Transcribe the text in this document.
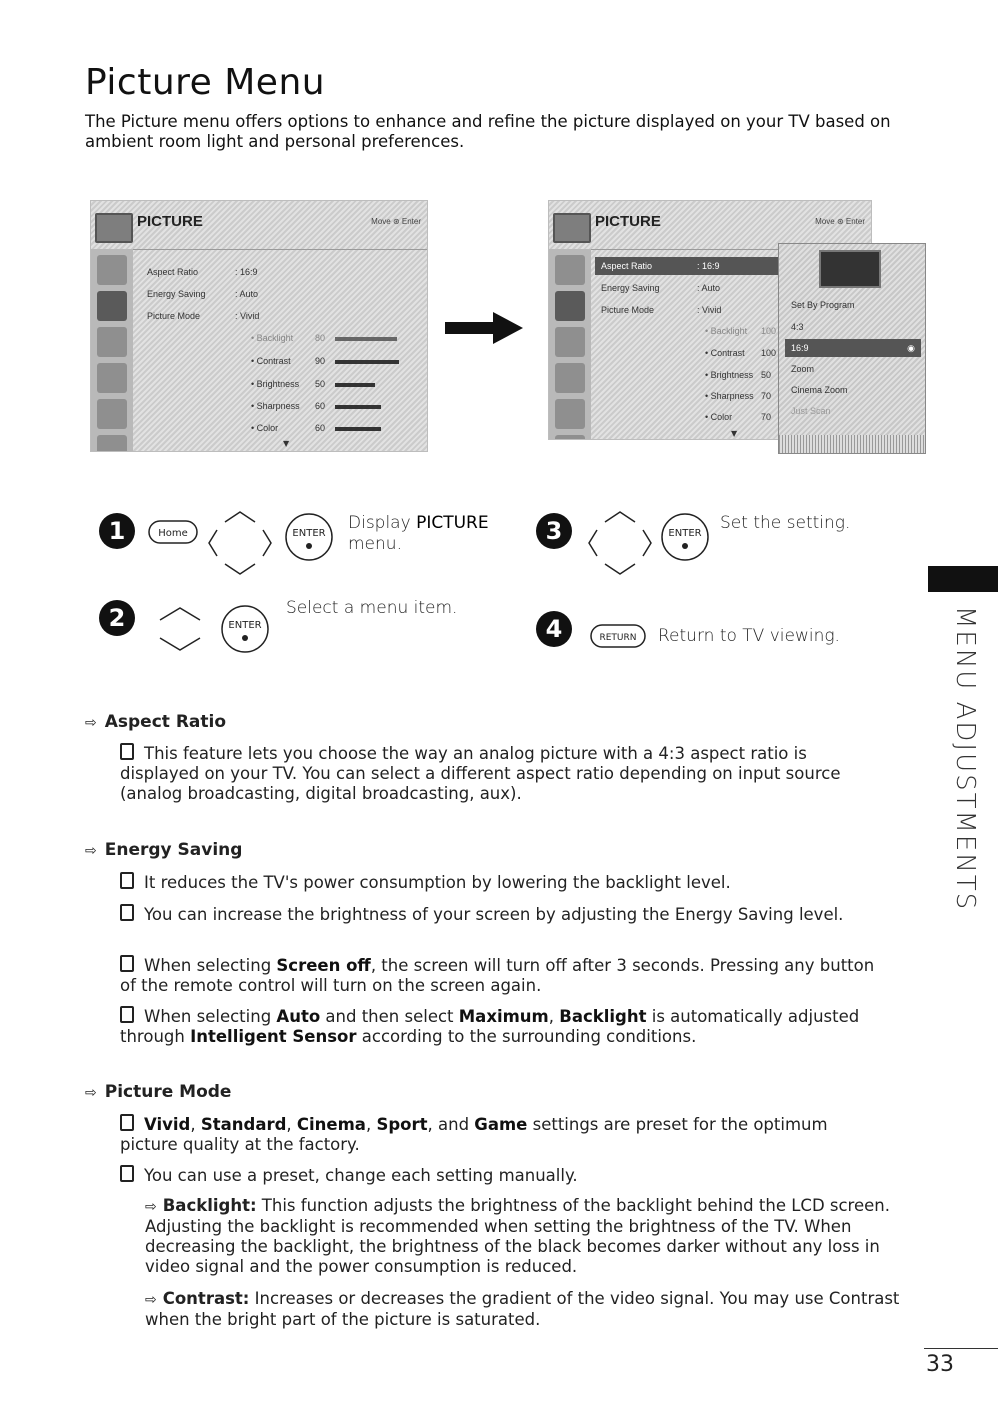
Picture Menu
The Picture menu offers options to enhance and refine the picture displayed on your TV based on ambient room light and personal preferences.
PICTURE	Move ⊛ Enter
Aspect Ratio	: 16:9
Energy Saving	: Auto
Picture Mode	: Vivid
• Backlight 80
• Contrast	90
• Brightness 50
• Sharpness 60
• Color	60
▼
PICTURE	Move ⊛ Enter
Aspect Ratio	: 16:9
Energy Saving	: Auto
Picture Mode	: Vivid
• Backlight 100
• Contrast 100
• Brightness 50
• Sharpness 70
• Color	70
▼
Set By Program
4:3
16:9	◉
Zoom
Cinema Zoom
Just Scan
1	Home	ENTER
Display PICTURE menu.
2	ENTER
Select a menu item.
3	ENTER
Set the setting.
4	RETURN Return to TV viewing.	MENU ADJUSTMENTS
⇨ Aspect Ratio
This feature lets you choose the way an analog picture with a 4:3 aspect ratio is displayed on your TV. You can select a different aspect ratio depending on input source (analog broadcasting, digital broadcasting, aux).
⇨ Energy Saving
It reduces the TV's power consumption by lowering the backlight level.
You can increase the brightness of your screen by adjusting the Energy Saving level.
When selecting Screen off, the screen will turn off after 3 seconds. Pressing any button of the remote control will turn on the screen again.
When selecting Auto and then select Maximum, Backlight is automatically adjusted through Intelligent Sensor according to the surrounding conditions.
⇨ Picture Mode
Vivid, Standard, Cinema, Sport, and Game settings are preset for the optimum picture quality at the factory.
You can use a preset, change each setting manually.
⇨ Backlight: This function adjusts the brightness of the backlight behind the LCD screen. Adjusting the backlight is recommended when setting the brightness of the TV. When decreasing the backlight, the brightness of the black becomes darker without any loss in video signal and the power consumption is reduced.
⇨ Contrast: Increases or decreases the gradient of the video signal. You may use Contrast when the bright part of the picture is saturated.
33
